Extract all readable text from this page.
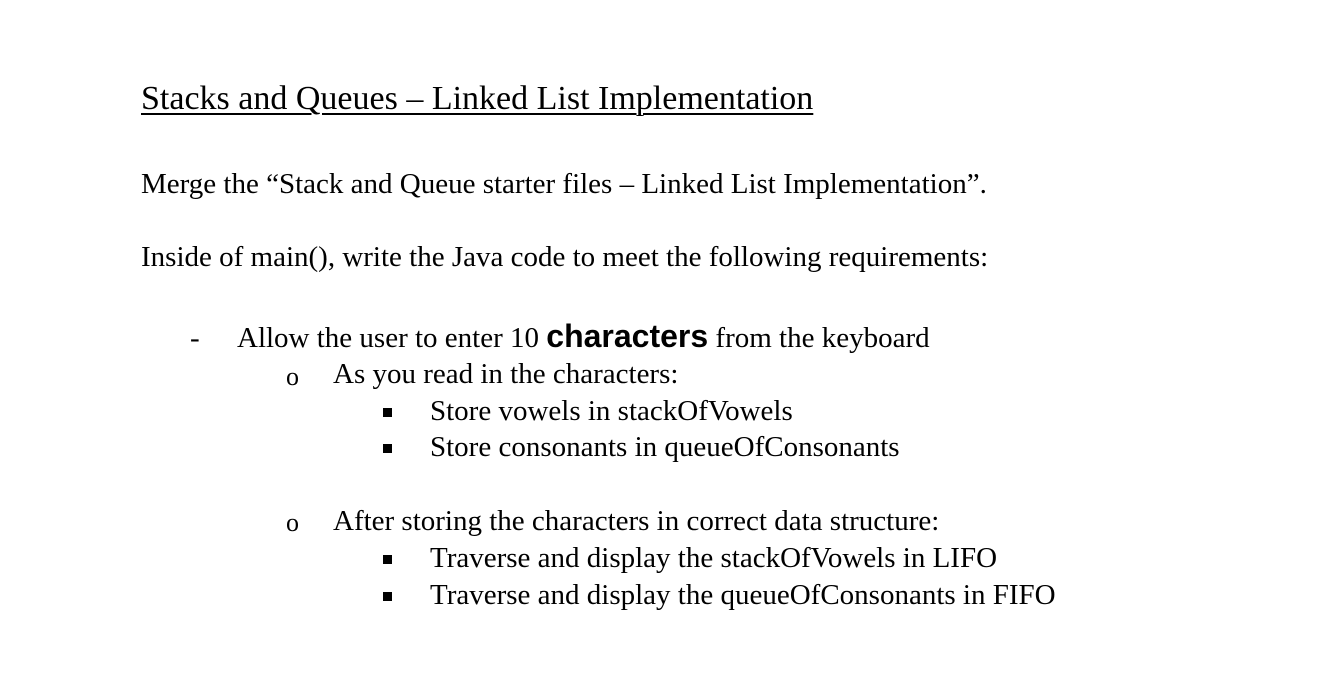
Stacks and Queues – Linked List Implementation
Merge the “Stack and Queue starter files – Linked List Implementation”.
Inside of main(), write the Java code to meet the following requirements:
- Allow the user to enter 10 characters from the keyboard
o As you read in the characters:
Store vowels in stackOfVowels
Store consonants in queueOfConsonants
o After storing the characters in correct data structure:
Traverse and display the stackOfVowels in LIFO
Traverse and display the queueOfConsonants in FIFO
